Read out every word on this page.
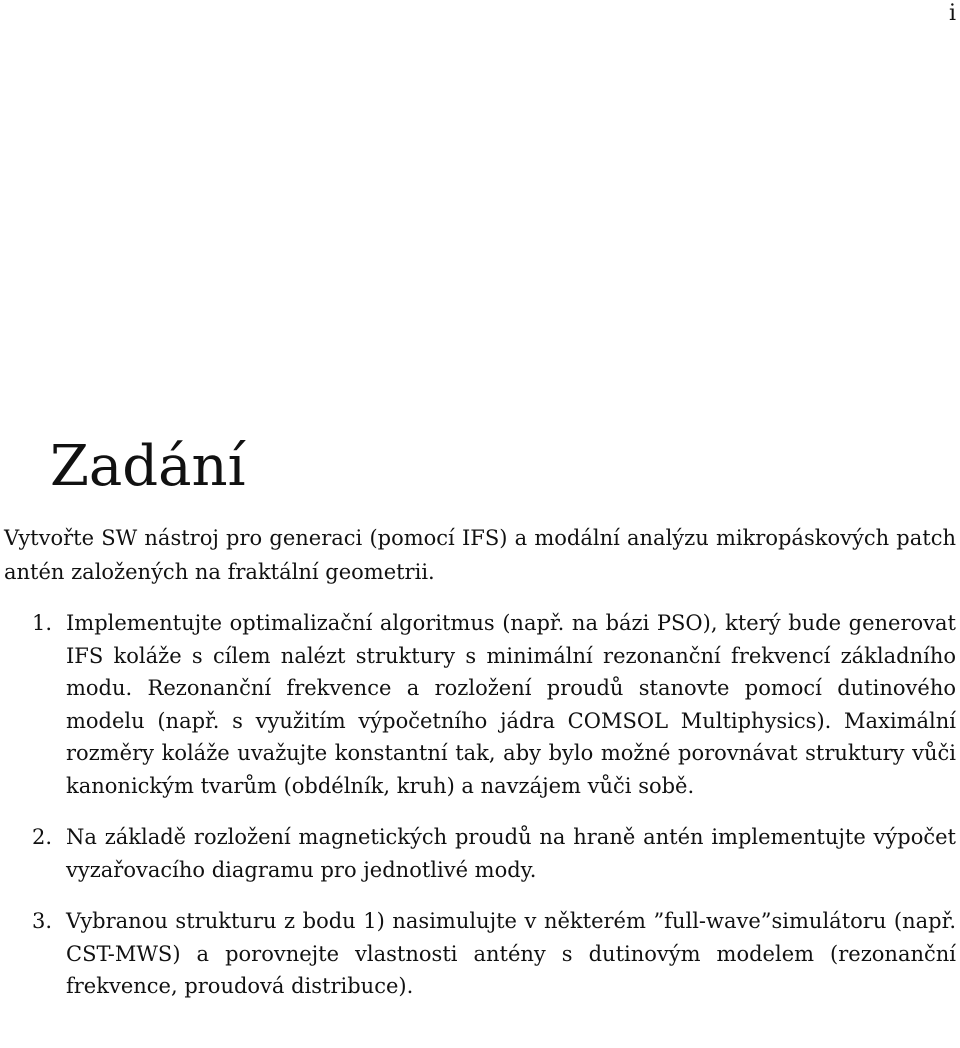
i
Zadání

Vytvořte SW nástroj pro generaci (pomocí IFS) a modální analýzu mikropáskových patch antén založených na fraktální geometrii.

1. Implementujte optimalizační algoritmus (např. na bázi PSO), který bude generovat IFS koláže s cílem nalézt struktury s minimální rezonanční frekvencí základního modu. Rezonanční frekvence a rozložení proudů stanovte pomocí dutinového modelu (např. s využitím výpočetního jádra COMSOL Multiphysics). Maximální rozměry koláže uvažujte konstantní tak, aby bylo možné porovnávat struktury vůči kanonickým tvarům (obdélník, kruh) a navzájem vůči sobě.
2. Na základě rozložení magnetických proudů na hraně antén implementujte výpočet vyzařovacího diagramu pro jednotlivé mody.
3. Vybranou strukturu z bodu 1) nasimulujte v některém ”full-wave”simulátoru (např. CST-MWS) a porovnejte vlastnosti antény s dutinovým modelem (rezonanční frekvence, proudová distribuce).
